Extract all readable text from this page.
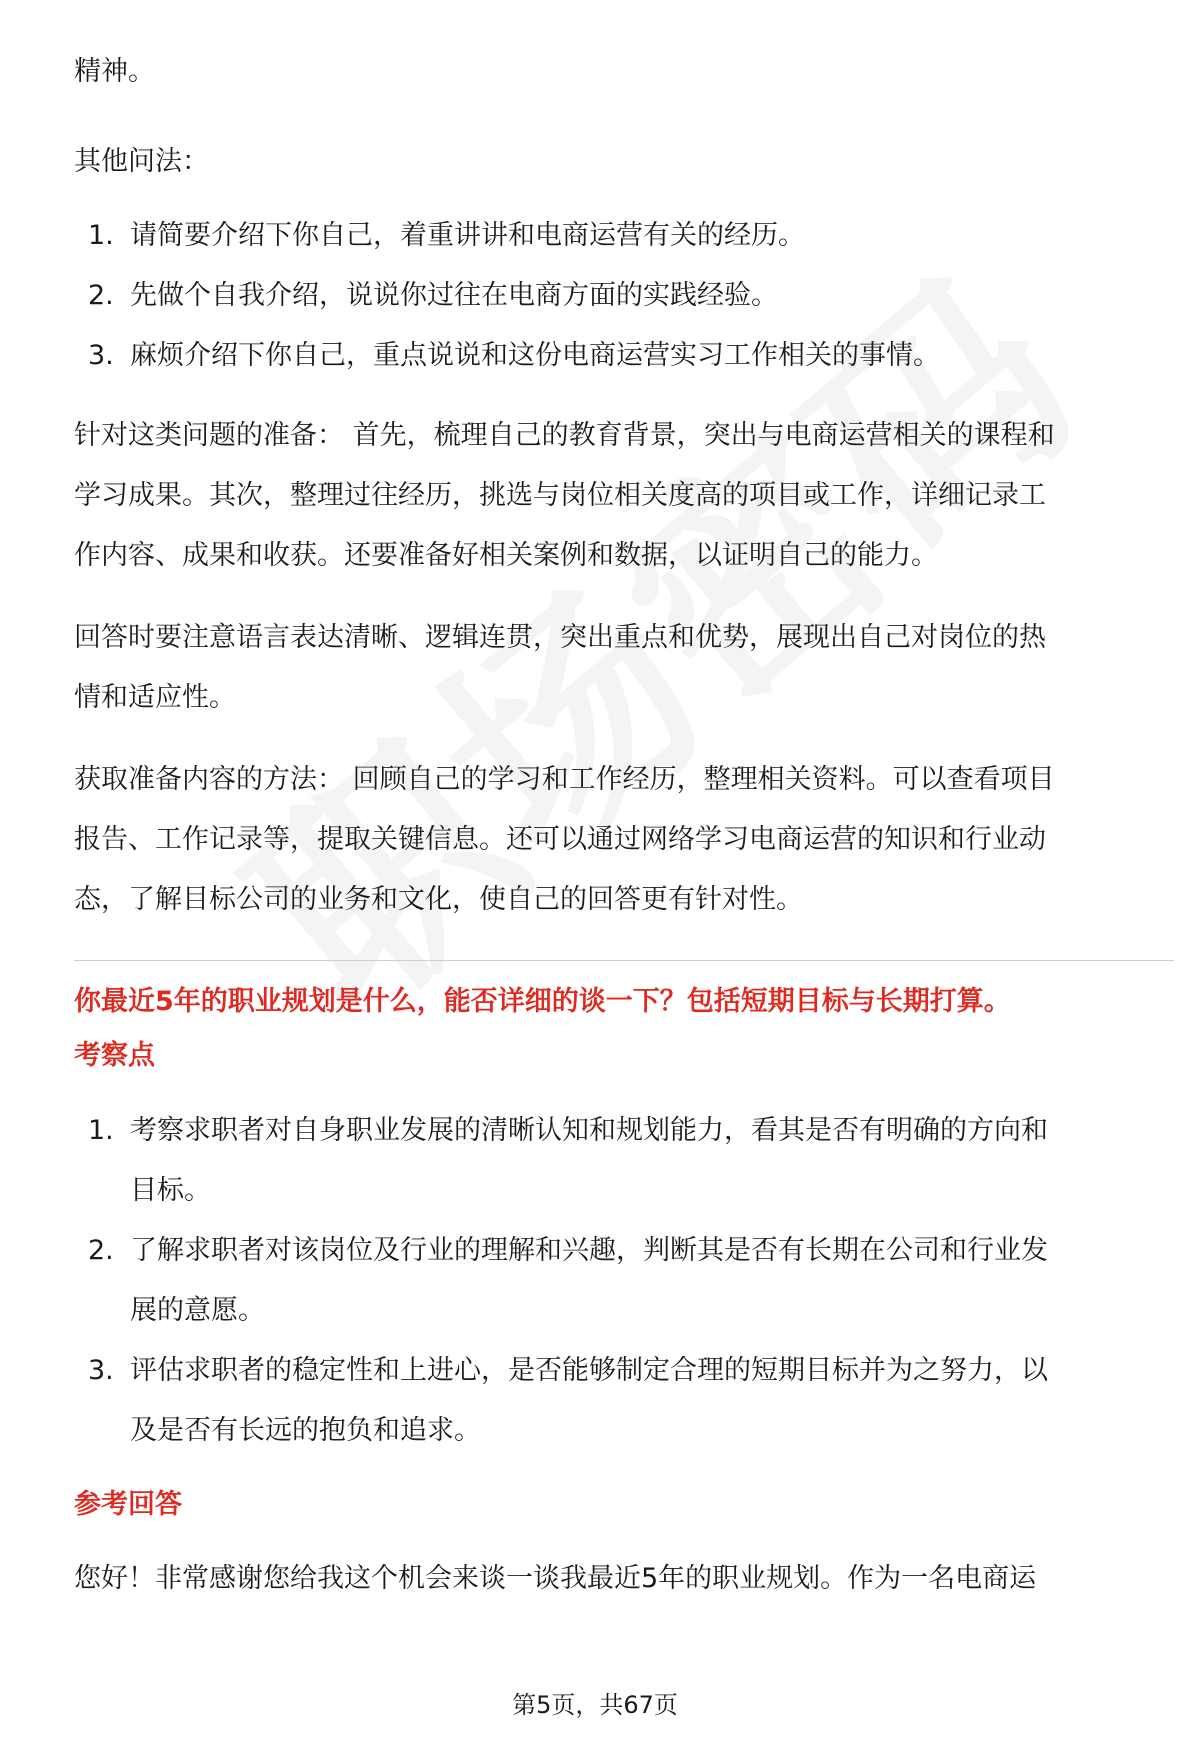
精神。

其他问法：

1. 请简要介绍下你自己，着重讲讲和电商运营有关的经历。
2. 先做个自我介绍，说说你过往在电商方面的实践经验。
3. 麻烦介绍下你自己，重点说说和这份电商运营实习工作相关的事情。

针对这类问题的准备： 首先，梳理自己的教育背景，突出与电商运营相关的课程和

学习成果。其次，整理过往经历，挑选与岗位相关度高的项目或工作，详细记录工

作内容、成果和收获。还要准备好相关案例和数据，以证明自己的能力。

回答时要注意语言表达清晰、逻辑连贯，突出重点和优势，展现出自己对岗位的热

情和适应性。

获取准备内容的方法： 回顾自己的学习和工作经历，整理相关资料。可以查看项目

报告、工作记录等，提取关键信息。还可以通过网络学习电商运营的知识和行业动

态，了解目标公司的业务和文化，使自己的回答更有针对性。

你最近5年的职业规划是什么，能否详细的谈一下？包括短期目标与长期打算。

考察点

1. 考察求职者对自身职业发展的清晰认知和规划能力，看其是否有明确的方向和
目标。
2. 了解求职者对该岗位及行业的理解和兴趣，判断其是否有长期在公司和行业发
展的意愿。
3. 评估求职者的稳定性和上进心，是否能够制定合理的短期目标并为之努力，以
及是否有长远的抱负和追求。

参考回答

您好！非常感谢您给我这个机会来谈一谈我最近5年的职业规划。作为一名电商运

第5页，共67页
